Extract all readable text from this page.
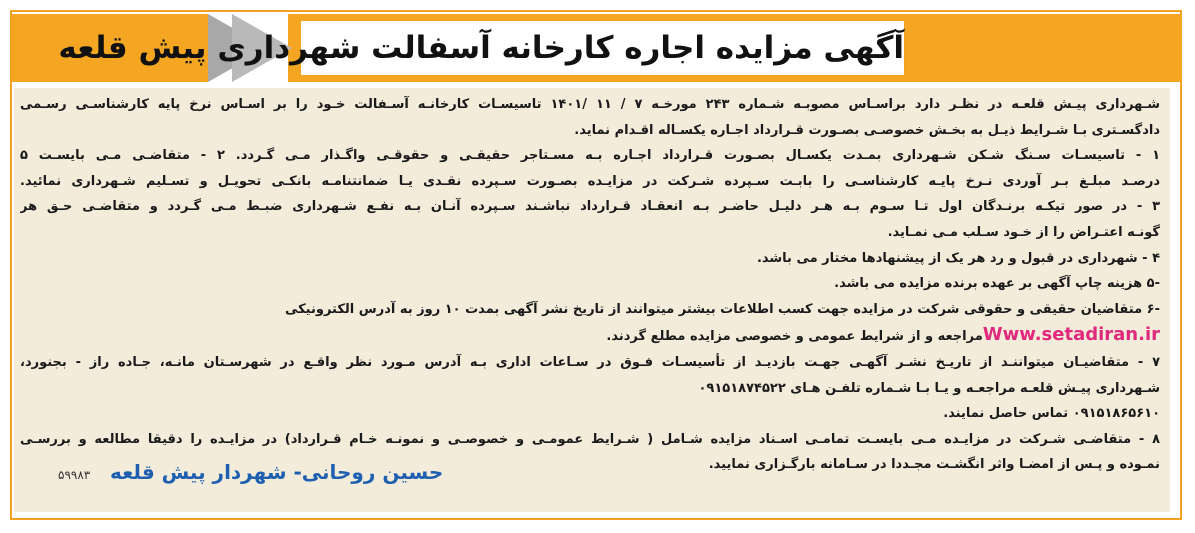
آگهی مزایده اجاره کارخانه آسفالت شهرداری پیش قلعه

شـهرداری پیـش قلعـه در نظـر دارد براسـاس مصوبـه شـماره ۲۴۳ مورخـه ۷ / ۱۱ /۱۴۰۱ تاسیسـات کارخانـه آسـفالت خـود را بر اسـاس نرخ پایه کارشناسـی رسـمی

دادگسـتری بـا شـرایط ذیـل به بخـش خصوصـی بصـورت قـرارداد اجـاره یکسـاله اقـدام نماید.

۱ - تاسیسـات سـنگ شـکن شـهرداری بمـدت یکسـال بصـورت قـرارداد اجـاره بـه مسـتاجر حقیقـی و حقوقـی واگـذار مـی گـردد. ۲ - متقاضـی مـی بایسـت ۵

درصـد مبلـغ بـر آوردی نـرخ پایـه کارشناسـی را بابـت سـپرده شـرکت در مزایـده بصـورت سـپرده نقـدی یـا ضمانتنامـه بانکـی تحویـل و تسـلیم شـهرداری نمائید.

۳ - در صور تیکـه برنـدگان اول تـا سـوم بـه هـر دلیـل حاضـر بـه انعقـاد قـرارداد نباشـند سـپرده آنـان بـه نفـع شـهرداری ضبـط مـی گـردد و متقاضـی حـق هر

گونـه اعتـراض را از خـود سـلب مـی نمـاید.

۴ - شهرداری در قبول و رد هر یک از پیشنهادها مختار می باشد.

-۵ هزینه چاپ آگهی بر عهده برنده مزایده می باشد.

-۶ متقاضیان حقیقی و حقوقی شرکت در مزایده جهت کسب اطلاعات بیشتر میتوانند از تاریخ نشر آگهی بمدت ۱۰ روز به آدرس الکترونیکی

Www.setadiran.irمراجعه و از شرایط عمومی و خصوصی مزایده مطلع گردند.

۷ - متقاضیـان میتواننـد از تاریـخ نشـر آگهـی جهـت بازدیـد از تأسیسـات فـوق در سـاعات اداری بـه آدرس مـورد نظر واقـع در شهرسـتان مانـه، جـاده راز - بجنورد،

شـهرداری پیـش قلعـه مراجعـه و یـا بـا شـماره تلفـن هـای ۰۹۱۵۱۸۷۴۵۲۲

۰۹۱۵۱۸۶۵۶۱۰ تماس حاصل نمایند.

۸ - متقاضـی شـرکت در مزایـده مـی بایسـت تمامـی اسـناد مزایده شـامل ( شـرایط عمومـی و خصوصـی و نمونـه خـام قـرارداد) در مزایـده را دقیقا مطالعه و بررسـی

نمـوده و پـس از امضـا واثر انگشـت مجـددا در سـامانه بارگـزاری نمایید.

حسین روحانی- شهردار پیش قلعه
۵۹۹۸۳
